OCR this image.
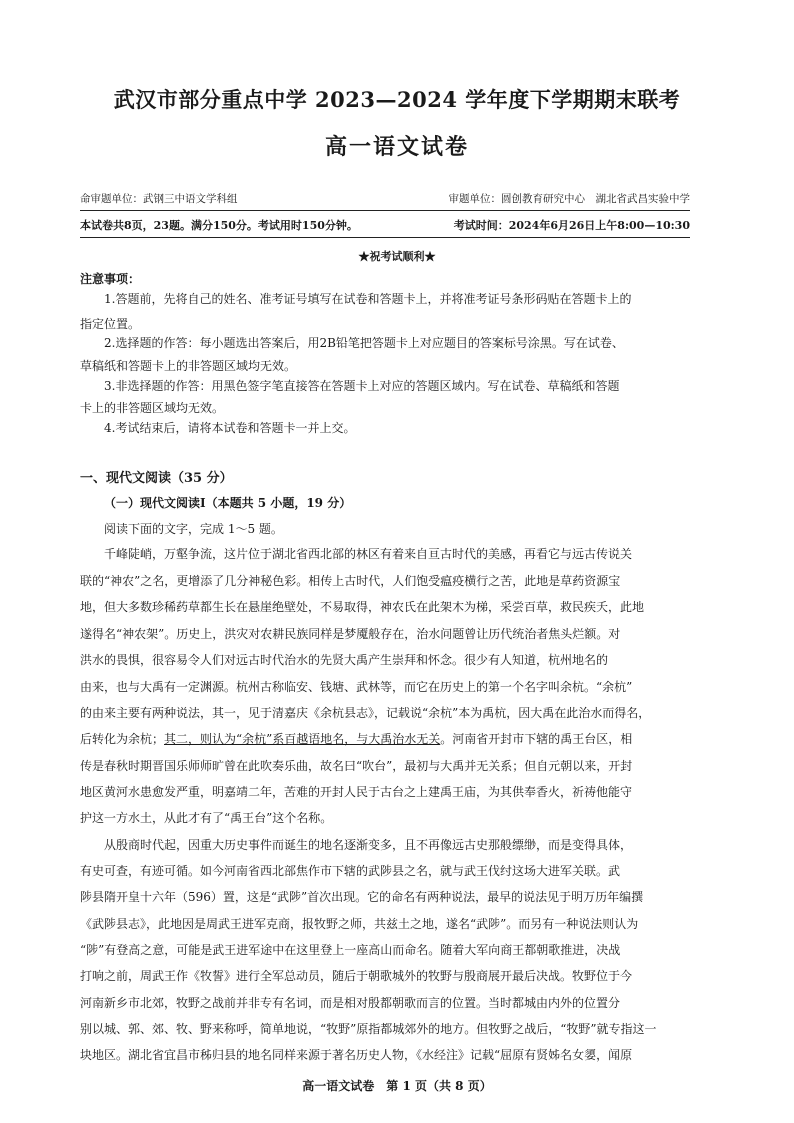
武汉市部分重点中学 2023—2024 学年度下学期期末联考
高一语文试卷
命审题单位：武钢三中语文学科组	审题单位：圆创教育研究中心　湖北省武昌实验中学
本试卷共8页，23题。满分150分。考试用时150分钟。	考试时间：2024年6月26日上午8:00—10:30
★祝考试顺利★
注意事项：
1.答题前，先将自己的姓名、准考证号填写在试卷和答题卡上，并将准考证号条形码贴在答题卡上的
指定位置。
2.选择题的作答：每小题选出答案后，用2B铅笔把答题卡上对应题目的答案标号涂黑。写在试卷、
草稿纸和答题卡上的非答题区域均无效。
3.非选择题的作答：用黑色签字笔直接答在答题卡上对应的答题区域内。写在试卷、草稿纸和答题
卡上的非答题区域均无效。
4.考试结束后，请将本试卷和答题卡一并上交。
一、现代文阅读（35 分）
（一）现代文阅读Ⅰ（本题共 5 小题，19 分）
阅读下面的文字，完成 1～5 题。
千峰陡峭，万壑争流，这片位于湖北省西北部的林区有着来自亘古时代的美感，再看它与远古传说关
联的“神农”之名，更增添了几分神秘色彩。相传上古时代，人们饱受瘟疫横行之苦，此地是草药资源宝
地，但大多数珍稀药草都生长在悬崖绝壁处，不易取得，神农氏在此架木为梯，采尝百草，救民疾夭，此地
遂得名“神农架”。历史上，洪灾对农耕民族同样是梦魇般存在，治水问题曾让历代统治者焦头烂额。对
洪水的畏惧，很容易令人们对远古时代治水的先贤大禹产生崇拜和怀念。很少有人知道，杭州地名的
由来，也与大禹有一定渊源。杭州古称临安、钱塘、武林等，而它在历史上的第一个名字叫余杭。“余杭”
的由来主要有两种说法，其一，见于清嘉庆《余杭县志》，记载说“余杭”本为禹杭，因大禹在此治水而得名，
后转化为余杭；其二，则认为“余杭”系百越语地名，与大禹治水无关。河南省开封市下辖的禹王台区，相
传是春秋时期晋国乐师师旷曾在此吹奏乐曲，故名曰“吹台”，最初与大禹并无关系；但自元朝以来，开封
地区黄河水患愈发严重，明嘉靖二年，苦难的开封人民于古台之上建禹王庙，为其供奉香火，祈祷他能守
护这一方水土，从此才有了“禹王台”这个名称。
从殷商时代起，因重大历史事件而诞生的地名逐渐变多，且不再像远古史那般缥缈，而是变得具体，
有史可查，有迹可循。如今河南省西北部焦作市下辖的武陟县之名，就与武王伐纣这场大进军关联。武
陟县隋开皇十六年（596）置，这是“武陟”首次出现。它的命名有两种说法，最早的说法见于明万历年编撰
《武陟县志》，此地因是周武王进军克商，报牧野之师，共兹土之地，遂名“武陟”。而另有一种说法则认为
“陟”有登高之意，可能是武王进军途中在这里登上一座高山而命名。随着大军向商王都朝歌推进，决战
打响之前，周武王作《牧誓》进行全军总动员，随后于朝歌城外的牧野与殷商展开最后决战。牧野位于今
河南新乡市北郊，牧野之战前并非专有名词，而是相对殷都朝歌而言的位置。当时都城由内外的位置分
别以城、郭、郊、牧、野来称呼，简单地说，“牧野”原指都城郊外的地方。但牧野之战后，“牧野”就专指这一
块地区。湖北省宜昌市秭归县的地名同样来源于著名历史人物，《水经注》记载“屈原有贤姊名女嬃，闻原
高一语文试卷　第 1 页（共 8 页）
